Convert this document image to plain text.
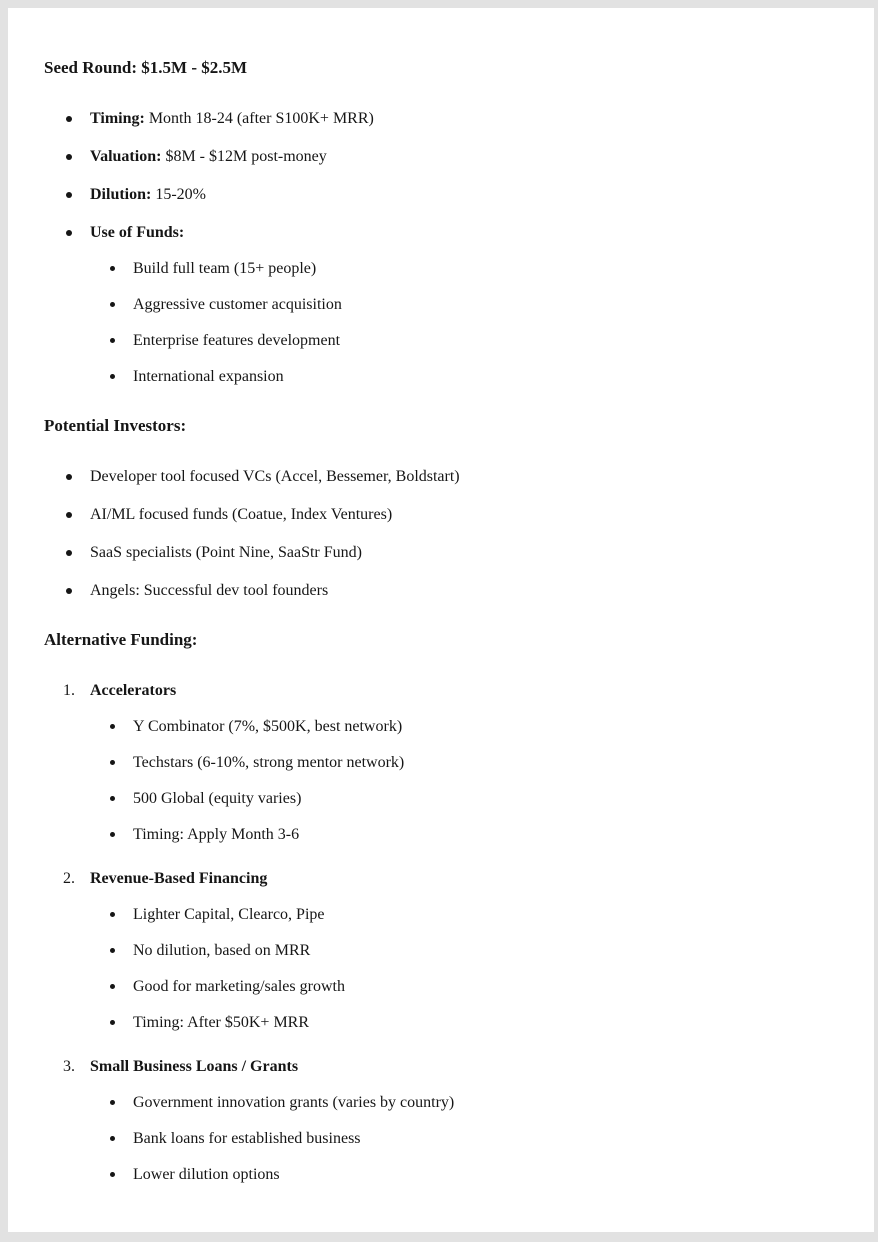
Seed Round: $1.5M - $2.5M
Timing: Month 18-24 (after S100K+ MRR)
Valuation: $8M - $12M post-money
Dilution: 15-20%
Use of Funds:
Build full team (15+ people)
Aggressive customer acquisition
Enterprise features development
International expansion
Potential Investors:
Developer tool focused VCs (Accel, Bessemer, Boldstart)
AI/ML focused funds (Coatue, Index Ventures)
SaaS specialists (Point Nine, SaaStr Fund)
Angels: Successful dev tool founders
Alternative Funding:
1. Accelerators
Y Combinator (7%, $500K, best network)
Techstars (6-10%, strong mentor network)
500 Global (equity varies)
Timing: Apply Month 3-6
2. Revenue-Based Financing
Lighter Capital, Clearco, Pipe
No dilution, based on MRR
Good for marketing/sales growth
Timing: After $50K+ MRR
3. Small Business Loans / Grants
Government innovation grants (varies by country)
Bank loans for established business
Lower dilution options
